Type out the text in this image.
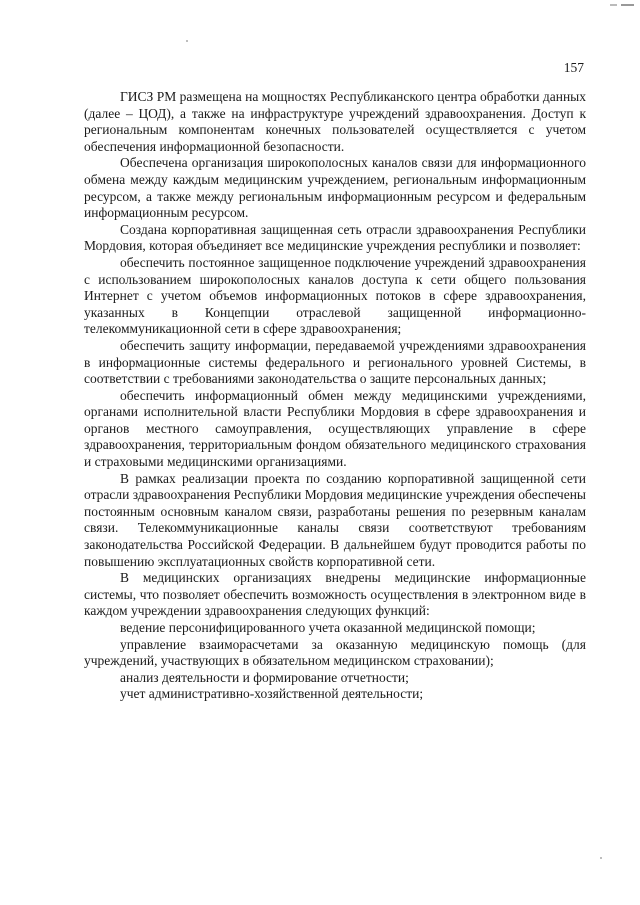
157

ГИСЗ РМ размещена на мощностях Республиканского центра обработки данных (далее – ЦОД), а также на инфраструктуре учреждений здравоохранения. Доступ к региональным компонентам конечных пользователей осуществляется с учетом обеспечения информационной безопасности.

Обеспечена организация широкополосных каналов связи для информационного обмена между каждым медицинским учреждением, региональным информационным ресурсом, а также между региональным информационным ресурсом и федеральным информационным ресурсом.

Создана корпоративная защищенная сеть отрасли здравоохранения Республики Мордовия, которая объединяет все медицинские учреждения республики и позволяет:

обеспечить постоянное защищенное подключение учреждений здравоохранения с использованием широкополосных каналов доступа к сети общего пользования Интернет с учетом объемов информационных потоков в сфере здравоохранения, указанных в Концепции отраслевой защищенной информационно-телекоммуникационной сети в сфере здравоохранения;

обеспечить защиту информации, передаваемой учреждениями здравоохранения в информационные системы федерального и регионального уровней Системы, в соответствии с требованиями законодательства о защите персональных данных;

обеспечить информационный обмен между медицинскими учреждениями, органами исполнительной власти Республики Мордовия в сфере здравоохранения и органов местного самоуправления, осуществляющих управление в сфере здравоохранения, территориальным фондом обязательного медицинского страхования и страховыми медицинскими организациями.

В рамках реализации проекта по созданию корпоративной защищенной сети отрасли здравоохранения Республики Мордовия медицинские учреждения обеспечены постоянным основным каналом связи, разработаны решения по резервным каналам связи. Телекоммуникационные каналы связи соответствуют требованиям законодательства Российской Федерации. В дальнейшем будут проводится работы по повышению эксплуатационных свойств корпоративной сети.

В медицинских организациях внедрены медицинские информационные системы, что позволяет обеспечить возможность осуществления в электронном виде в каждом учреждении здравоохранения следующих функций:

ведение персонифицированного учета оказанной медицинской помощи;

управление взаиморасчетами за оказанную медицинскую помощь (для учреждений, участвующих в обязательном медицинском страховании);

анализ деятельности и формирование отчетности;

учет административно-хозяйственной деятельности;
